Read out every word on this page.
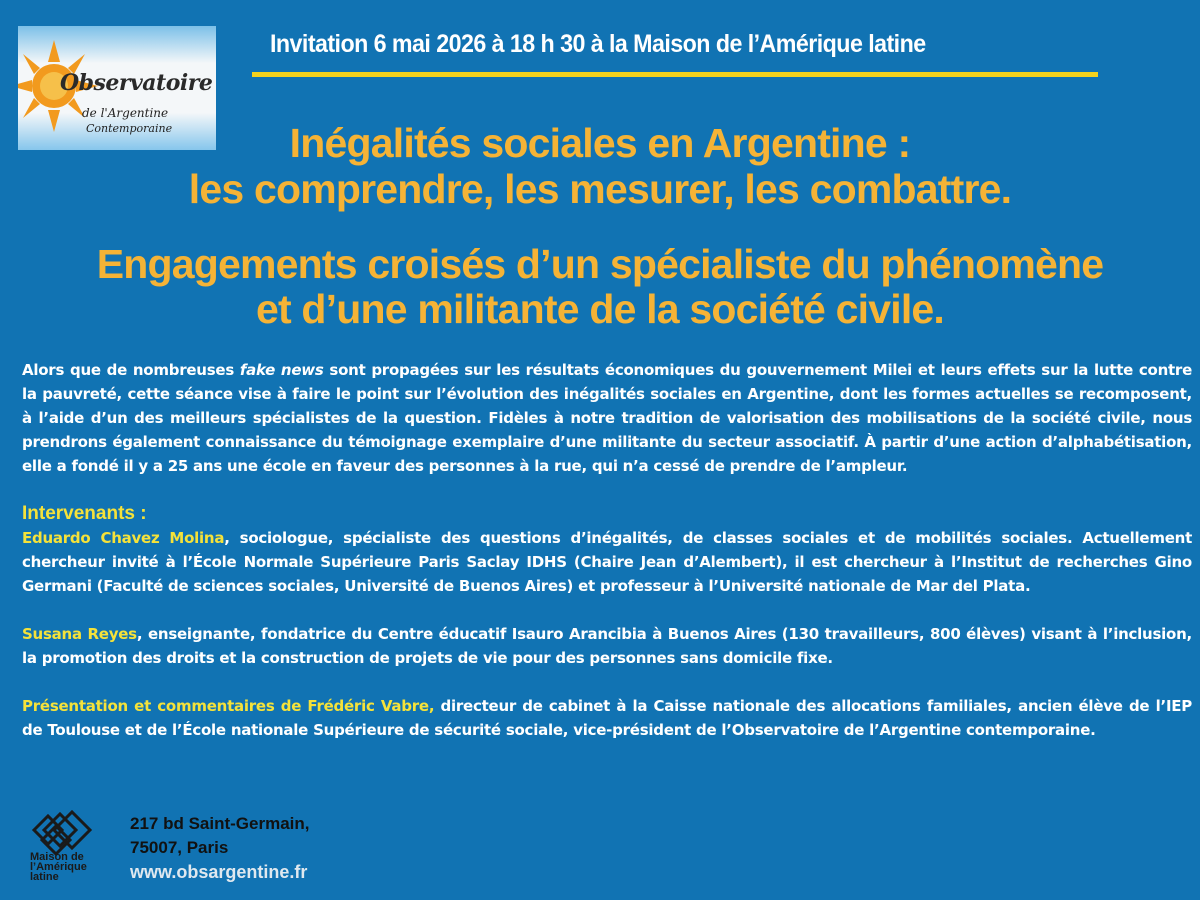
Observatoire
de l'Argentine
Contemporaine
Invitation 6 mai 2026 à 18 h 30 à la Maison de l’Amérique latine
Inégalités sociales en Argentine :
les comprendre, les mesurer, les combattre.
Engagements croisés d’un spécialiste du phénomène
et d’une militante de la société civile.

Alors que de nombreuses fake news sont propagées sur les résultats économiques du gouvernement Milei et leurs effets sur la lutte contre la pauvreté, cette séance vise à faire le point sur l’évolution des inégalités sociales en Argentine, dont les formes actuelles se recomposent, à l’aide d’un des meilleurs spécialistes de la question. Fidèles à notre tradition de valorisation des mobilisations de la société civile, nous prendrons également connaissance du témoignage exemplaire d’une militante du secteur associatif. À partir d’une action d’alphabétisation, elle a fondé il y a 25 ans une école en faveur des personnes à la rue, qui n’a cessé de prendre de l’ampleur.

Intervenants :

Eduardo Chavez Molina, sociologue, spécialiste des questions d’inégalités, de classes sociales et de mobilités sociales. Actuellement chercheur invité à l’École Normale Supérieure Paris Saclay IDHS (Chaire Jean d’Alembert), il est chercheur à l’Institut de recherches Gino Germani (Faculté de sciences sociales, Université de Buenos Aires) et professeur à l’Université nationale de Mar del Plata.

Susana Reyes, enseignante, fondatrice du Centre éducatif Isauro Arancibia à Buenos Aires (130 travailleurs, 800 élèves) visant à l’inclusion, la promotion des droits et la construction de projets de vie pour des personnes sans domicile fixe.

Présentation et commentaires de Frédéric Vabre, directeur de cabinet à la Caisse nationale des allocations familiales, ancien élève de l’IEP de Toulouse et de l’École nationale Supérieure de sécurité sociale, vice-président de l’Observatoire de l’Argentine contemporaine.

Maison de
l’Amérique
latine
217 bd Saint-Germain,
75007, Paris
www.obsargentine.fr
